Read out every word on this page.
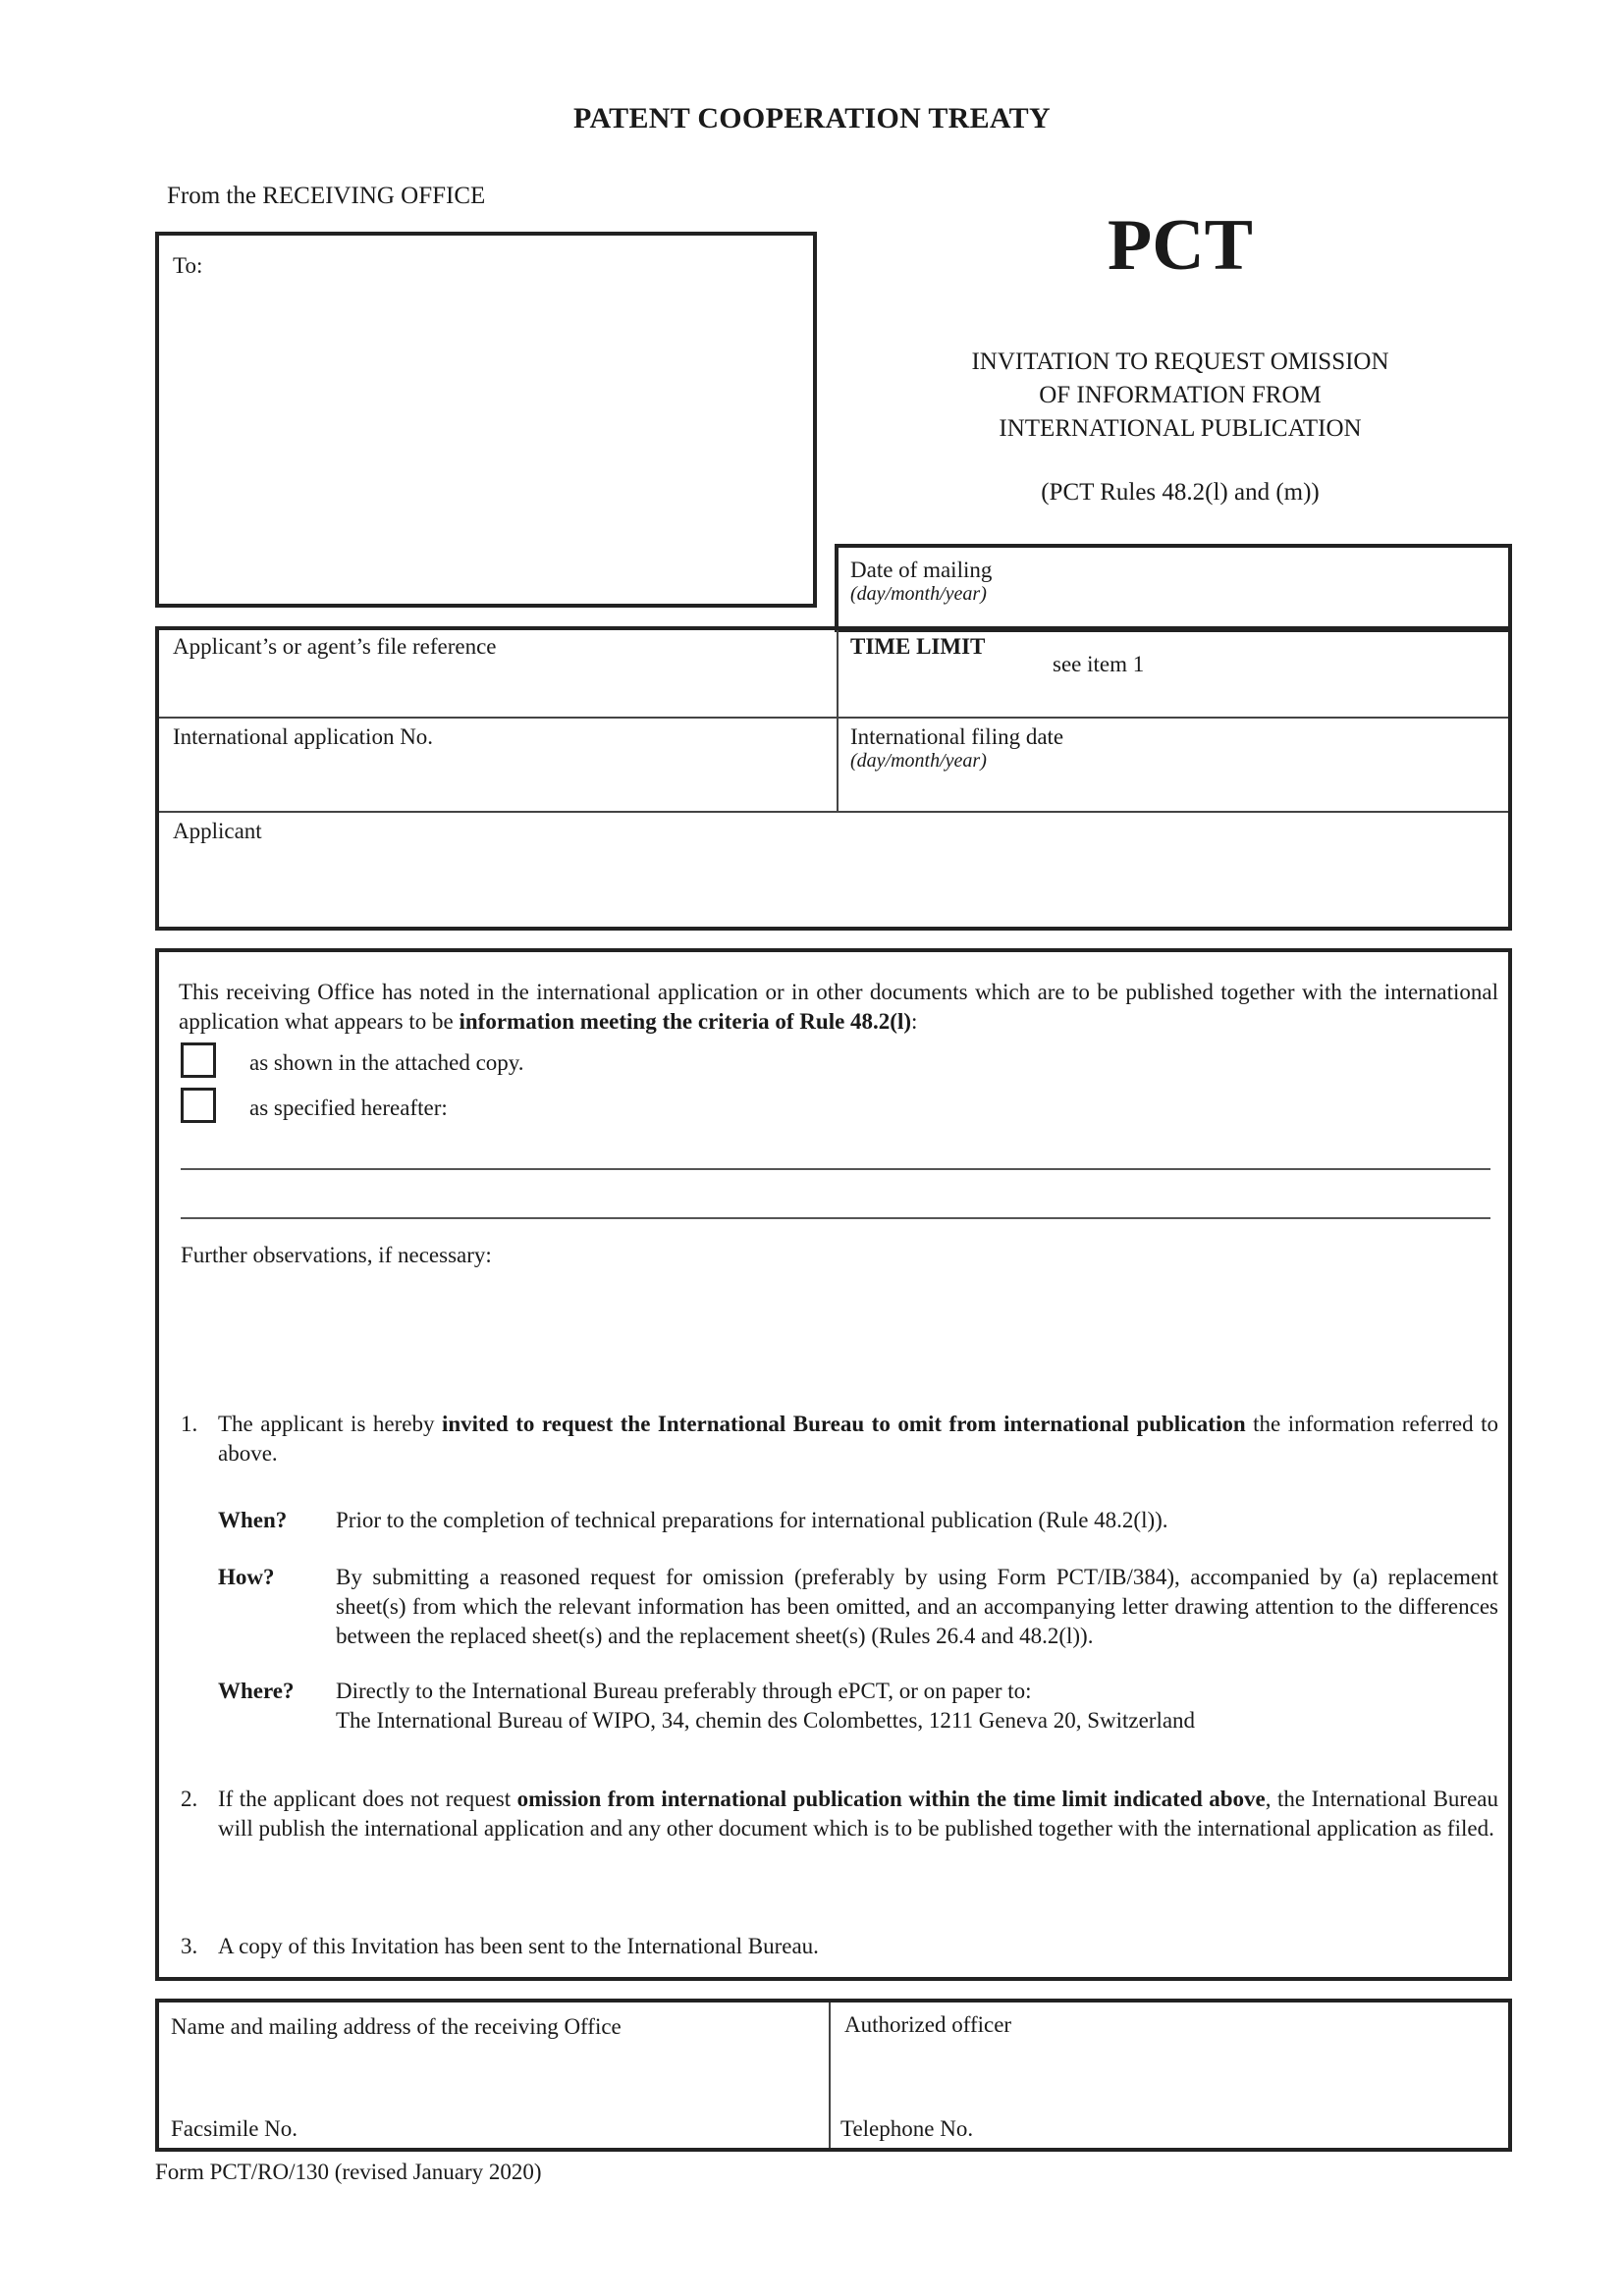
PATENT COOPERATION TREATY
From the RECEIVING OFFICE
To:	PCT
INVITATION TO REQUEST OMISSION
OF INFORMATION FROM
INTERNATIONAL PUBLICATION
(PCT Rules 48.2(l) and (m))
Date of mailing
(day/month/year)
Applicant’s or agent’s file reference	TIME LIMIT
see item 1
International application No.	International filing date
(day/month/year)
Applicant
This receiving Office has noted in the international application or in other documents which are to be published together with the international application what appears to be information meeting the criteria of Rule 48.2(l):
as shown in the attached copy.
as specified hereafter:
Further observations, if necessary:
1. The applicant is hereby invited to request the International Bureau to omit from international publication the information referred to above.
When? Prior to the completion of technical preparations for international publication (Rule 48.2(l)).
How?	By submitting a reasoned request for omission (preferably by using Form PCT/IB/384), accompanied by (a) replacement sheet(s) from which the relevant information has been omitted, and an accompanying letter drawing attention to the differences between the replaced sheet(s) and the replacement sheet(s) (Rules 26.4 and 48.2(l)).
Where? Directly to the International Bureau preferably through ePCT, or on paper to:
The International Bureau of WIPO, 34, chemin des Colombettes, 1211 Geneva 20, Switzerland
2. If the applicant does not request omission from international publication within the time limit indicated above, the International Bureau will publish the international application and any other document which is to be published together with the international application as filed.
3. A copy of this Invitation has been sent to the International Bureau.
Name and mailing address of the receiving Office	Authorized officer
Facsimile No.	Telephone No.
Form PCT/RO/130 (revised January 2020)
